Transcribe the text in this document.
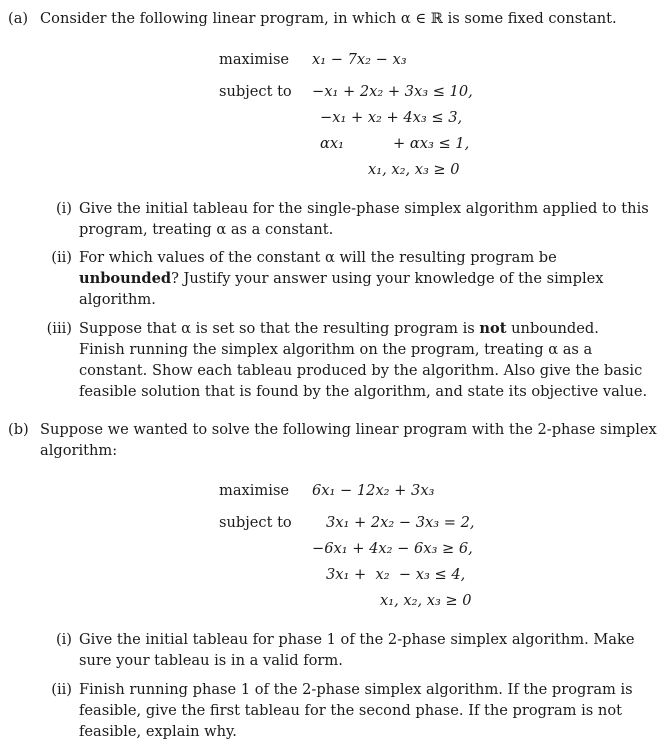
(a) Consider the following linear program, in which α ∈ ℝ is some fixed constant.
maximise x₁ − 7x₂ − x₃
subject to −x₁ + 2x₂ + 3x₃ ≤ 10,
−x₁ + x₂ + 4x₃ ≤ 3,
αx₁	+ αx₃ ≤ 1,
x₁, x₂, x₃ ≥ 0
(i) Give the initial tableau for the single-phase simplex algorithm applied to this
program, treating α as a constant.
(ii) For which values of the constant α will the resulting program be
unbounded? Justify your answer using your knowledge of the simplex
algorithm.
(iii) Suppose that α is set so that the resulting program is not unbounded.
Finish running the simplex algorithm on the program, treating α as a
constant. Show each tableau produced by the algorithm. Also give the basic
feasible solution that is found by the algorithm, and state its objective value.
(b) Suppose we wanted to solve the following linear program with the 2-phase simplex
algorithm:
maximise 6x₁ − 12x₂ + 3x₃
subject to 3x₁ + 2x₂ − 3x₃ = 2,
−6x₁ + 4x₂ − 6x₃ ≥ 6,
3x₁ +  x₂  − x₃ ≤ 4,
x₁, x₂, x₃ ≥ 0
(i) Give the initial tableau for phase 1 of the 2-phase simplex algorithm. Make
sure your tableau is in a valid form.
(ii) Finish running phase 1 of the 2-phase simplex algorithm. If the program is
feasible, give the first tableau for the second phase. If the program is not
feasible, explain why.
